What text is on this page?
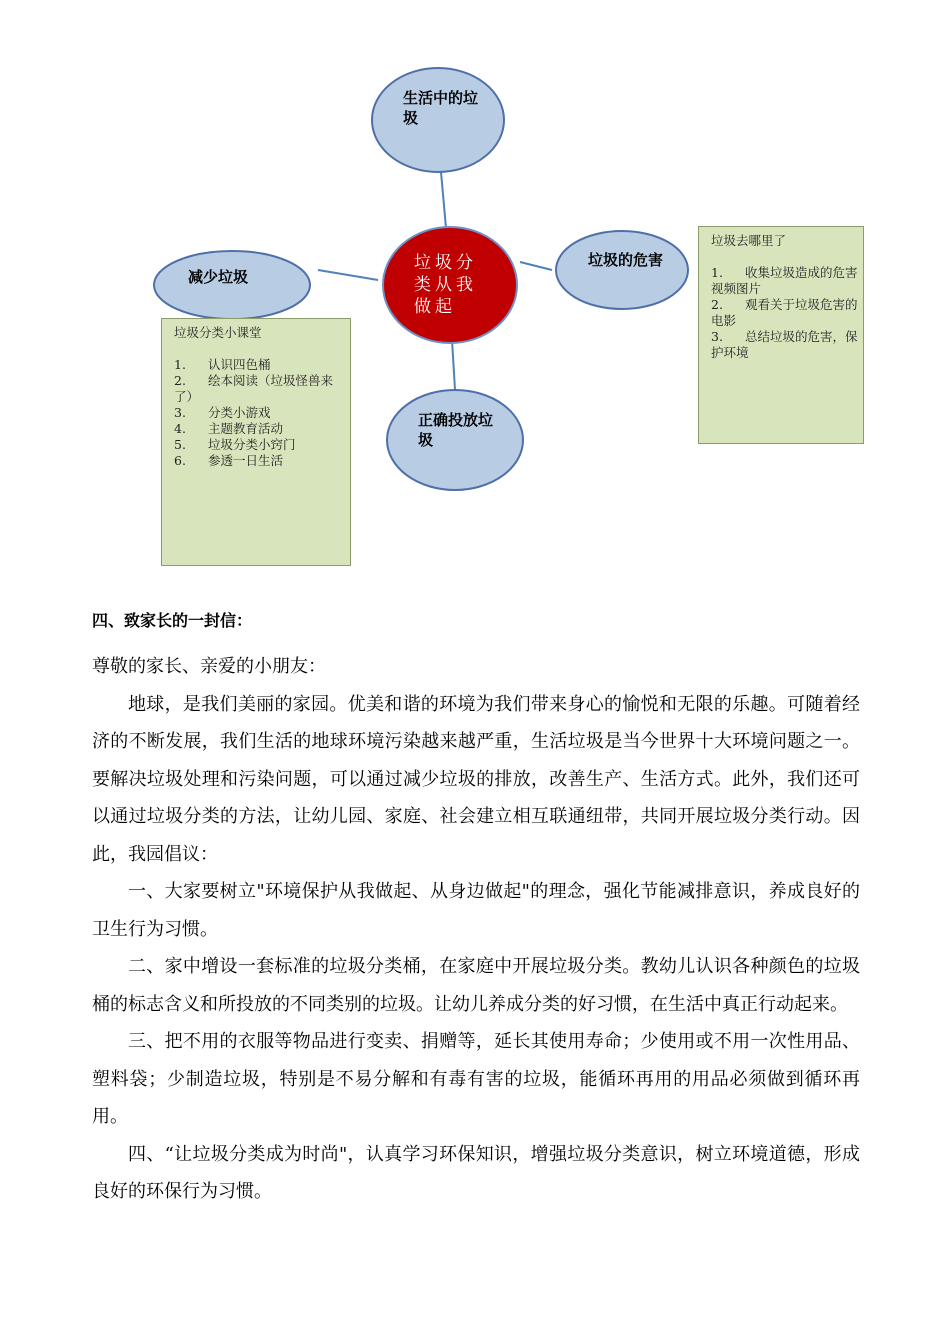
生活中的垃圾
减少垃圾
垃圾的危害
正确投放垃圾
垃圾分类从我做起
垃圾分类小课堂
1. 认识四色桶
2. 绘本阅读（垃圾怪兽来了）
3. 分类小游戏
4. 主题教育活动
5. 垃圾分类小窍门
6. 参透一日生活
垃圾去哪里了
1. 收集垃圾造成的危害视频图片
2. 观看关于垃圾危害的电影
3. 总结垃圾的危害，保护环境
四、致家长的一封信：

尊敬的家长、亲爱的小朋友：

地球，是我们美丽的家园。优美和谐的环境为我们带来身心的愉悦和无限的乐趣。可随着经济的不断发展，我们生活的地球环境污染越来越严重，生活垃圾是当今世界十大环境问题之一。要解决垃圾处理和污染问题，可以通过减少垃圾的排放，改善生产、生活方式。此外，我们还可以通过垃圾分类的方法，让幼儿园、家庭、社会建立相互联通纽带，共同开展垃圾分类行动。因此，我园倡议：

一、大家要树立"环境保护从我做起、从身边做起"的理念，强化节能减排意识，养成良好的卫生行为习惯。

二、家中增设一套标准的垃圾分类桶，在家庭中开展垃圾分类。教幼儿认识各种颜色的垃圾桶的标志含义和所投放的不同类别的垃圾。让幼儿养成分类的好习惯，在生活中真正行动起来。

三、把不用的衣服等物品进行变卖、捐赠等，延长其使用寿命；少使用或不用一次性用品、塑料袋；少制造垃圾，特别是不易分解和有毒有害的垃圾，能循环再用的用品必须做到循环再用。

四、“让垃圾分类成为时尚"，认真学习环保知识，增强垃圾分类意识，树立环境道德，形成良好的环保行为习惯。
